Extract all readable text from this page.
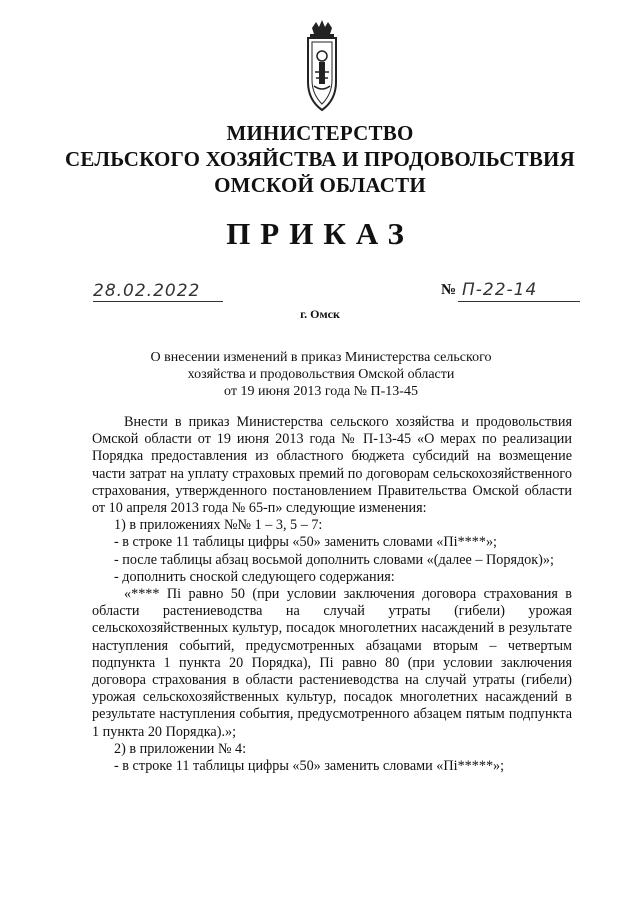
МИНИСТЕРСТВО
СЕЛЬСКОГО ХОЗЯЙСТВА И ПРОДОВОЛЬСТВИЯ
ОМСКОЙ ОБЛАСТИ
ПРИКАЗ
28.02.2022	№ П-22-14
г. Омск
О внесении изменений в приказ Министерства сельского
хозяйства и продовольствия Омской области
от 19 июня 2013 года № П-13-45

Внести в приказ Министерства сельского хозяйства и продовольствия Омской области от 19 июня 2013 года № П-13-45 «О мерах по реализации Порядка предоставления из областного бюджета субсидий на возмещение части затрат на уплату страховых премий по договорам сельскохозяйственного страхования, утвержденного постановлением Правительства Омской области от 10 апреля 2013 года № 65-п» следующие изменения:

1) в приложениях №№ 1 – 3, 5 – 7:

- в строке 11 таблицы цифры «50» заменить словами «Пi****»;

- после таблицы абзац восьмой дополнить словами «(далее – Порядок)»;

- дополнить сноской следующего содержания:

«**** Пi равно 50 (при условии заключения договора страхования в области растениеводства на случай утраты (гибели) урожая сельскохозяйственных культур, посадок многолетних насаждений в результате наступления событий, предусмотренных абзацами вторым – четвертым подпункта 1 пункта 20 Порядка), Пi равно 80 (при условии заключения договора страхования в области растениеводства на случай утраты (гибели) урожая сельскохозяйственных культур, посадок многолетних насаждений в результате наступления события, предусмотренного абзацем пятым подпункта 1 пункта 20 Порядка).»;

2) в приложении № 4:

- в строке 11 таблицы цифры «50» заменить словами «Пi*****»;
